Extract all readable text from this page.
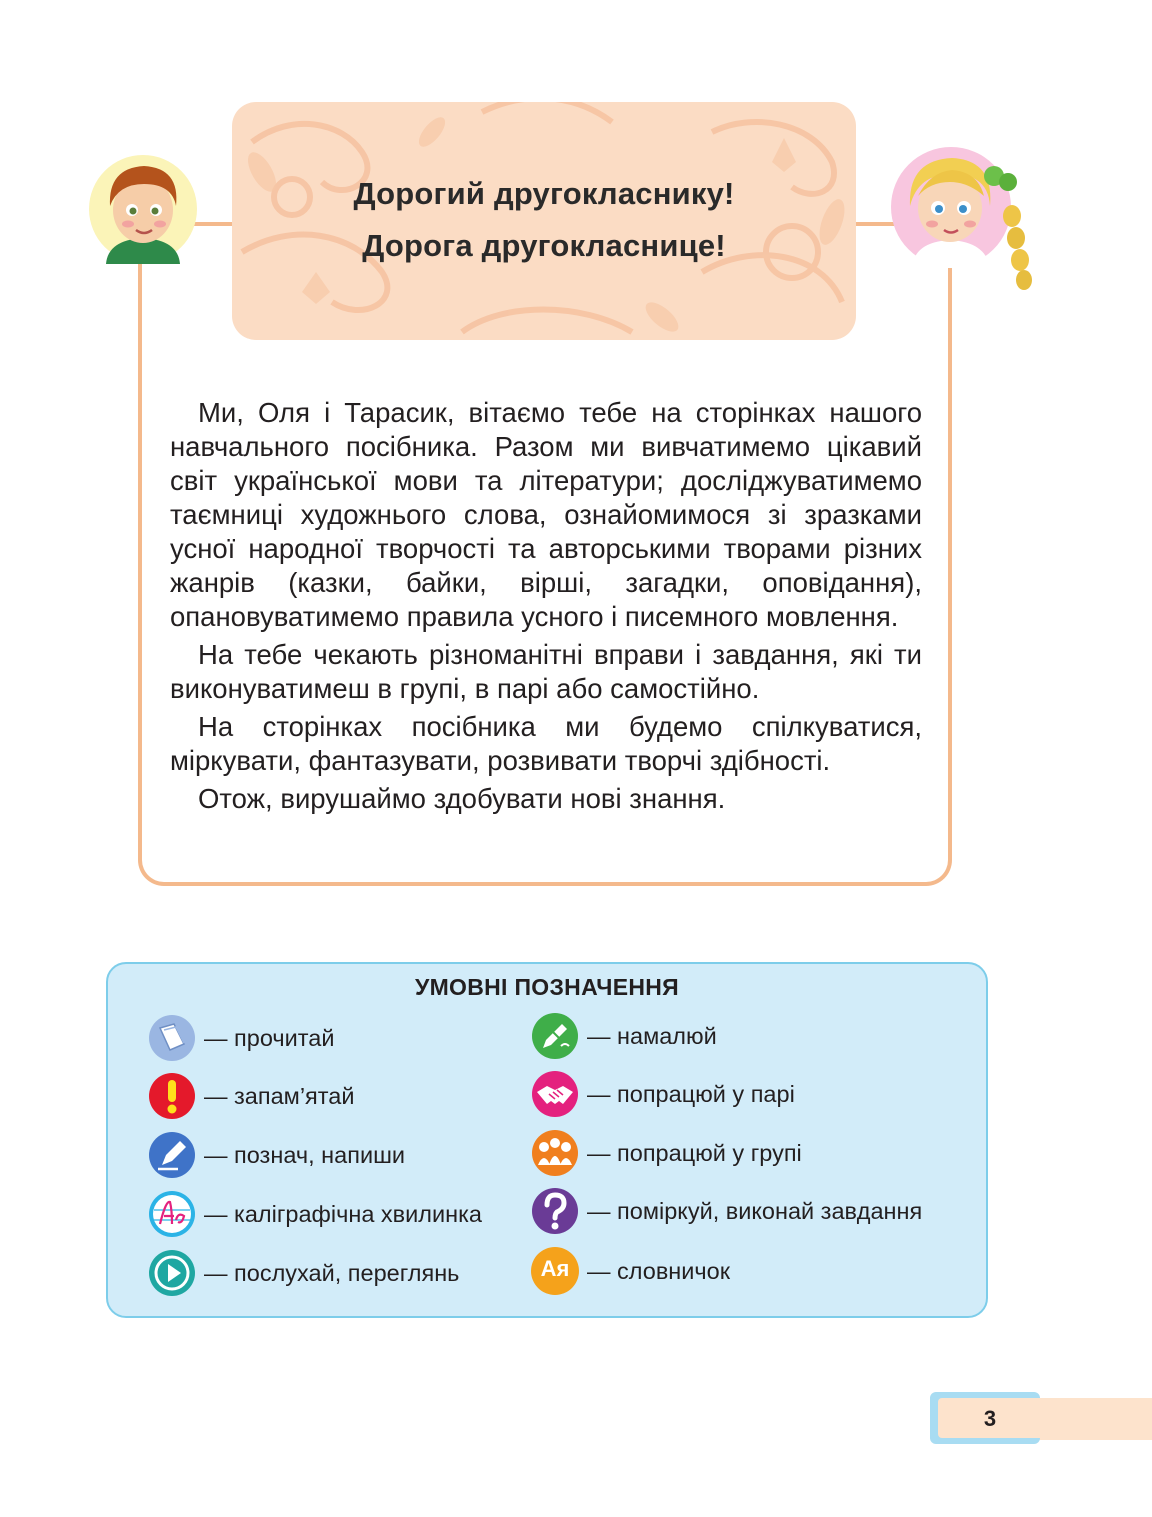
Дорогий другокласнику!
Дорога другокласнице!

Ми, Оля і Тарасик, вітаємо тебе на сторінках нашого навчального посібника. Разом ми вивчатимемо цікавий світ української мови та літератури; досліджуватимемо таємниці художнього слова, ознайомимося зі зразками усної народної творчості та авторськими творами різних жанрів (казки, байки, вірші, загадки, оповідання), опановуватимемо правила усного і писемного мовлення.

На тебе чекають різноманітні вправи і завдання, які ти виконуватимеш в групі, в парі або самостійно.

На сторінках посібника ми будемо спілкуватися, міркувати, фантазувати, розвивати творчі здібності.

Отож, вирушаймо здобувати нові знання.

УМОВНІ ПОЗНАЧЕННЯ
— прочитай
— запам’ятай
— познач, напиши
— каліграфічна хвилинка
— послухай, переглянь
— намалюй
— попрацюй у парі
— попрацюй у групі
— поміркуй, виконай завдання
Ая — словничок
3
